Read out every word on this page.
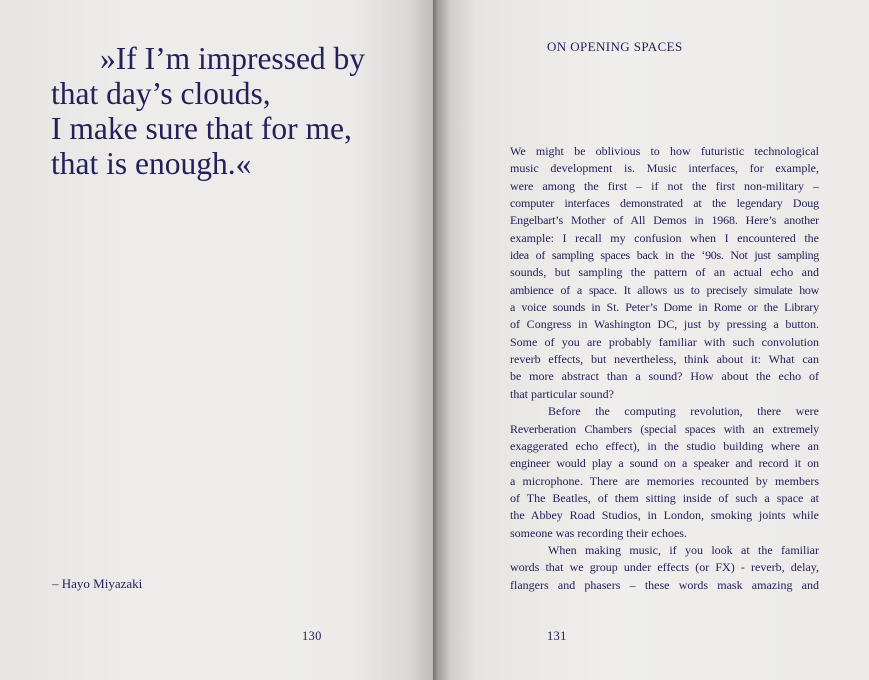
»If I’m impressed by
that day’s clouds,
I make sure that for me,
that is enough.«

– Hayo Miyazaki

130

ON OPENING SPACES

We might be oblivious to how futuristic technological
music development is. Music interfaces, for example,
were among the first – if not the first non-military –
computer interfaces demonstrated at the legendary Doug
Engelbart’s Mother of All Demos in 1968. Here’s another
example: I recall my confusion when I encountered the
idea of sampling spaces back in the ‘90s. Not just sampling
sounds, but sampling the pattern of an actual echo and
ambience of a space. It allows us to precisely simulate how
a voice sounds in St. Peter’s Dome in Rome or the Library
of Congress in Washington DC, just by pressing a button.
Some of you are probably familiar with such convolution
reverb effects, but nevertheless, think about it: What can
be more abstract than a sound? How about the echo of
that particular sound?
Before the computing revolution, there were
Reverberation Chambers (special spaces with an extremely
exaggerated echo effect), in the studio building where an
engineer would play a sound on a speaker and record it on
a microphone. There are memories recounted by members
of The Beatles, of them sitting inside of such a space at
the Abbey Road Studios, in London, smoking joints while
someone was recording their echoes.
When making music, if you look at the familiar
words that we group under effects (or FX) - reverb, delay,
flangers and phasers – these words mask amazing and

131
